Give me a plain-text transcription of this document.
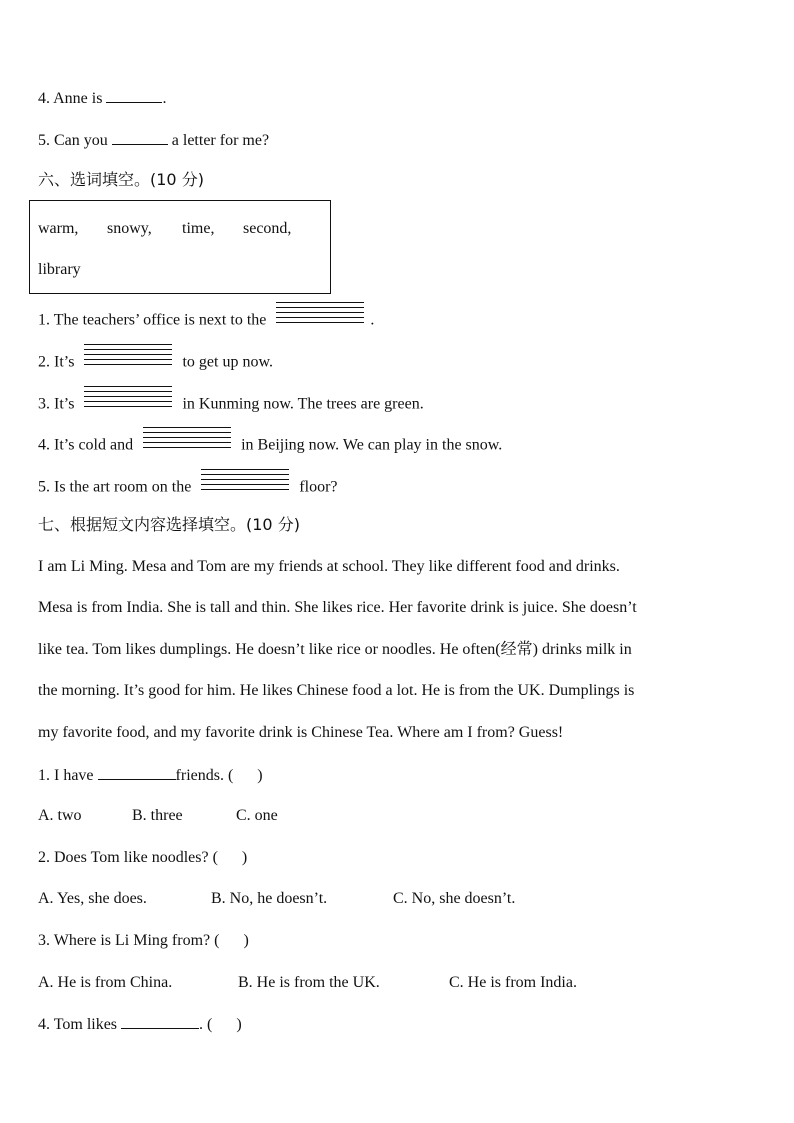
4. Anne is	.
5. Can you	a letter for me?
六、选词填空。(10 分)
warm, snowy, time, second,
library
1. The teachers’ office is next to the	.
2. It’s	to get up now.
3. It’s	in Kunming now. The trees are green.
4. It’s cold and	in Beijing now. We can play in the snow.
5. Is the art room on the	floor?
七、根据短文内容选择填空。(10 分)
I am Li Ming. Mesa and Tom are my friends at school. They like different food and drinks.
Mesa is from India. She is tall and thin. She likes rice. Her favorite drink is juice. She doesn’t
like tea. Tom likes dumplings. He doesn’t like rice or noodles. He often(经常) drinks milk in
the morning. It’s good for him. He likes Chinese food a lot. He is from the UK. Dumplings is
my favorite food, and my favorite drink is Chinese Tea. Where am I from? Guess!
1. I have	friends. (      )
A. two	B. three	C. one
2. Does Tom like noodles? (      )
A. Yes, she does.	B. No, he doesn’t.	C. No, she doesn’t.
3. Where is Li Ming from? (      )
A. He is from China.	B. He is from the UK.	C. He is from India.
4. Tom likes	. (      )
